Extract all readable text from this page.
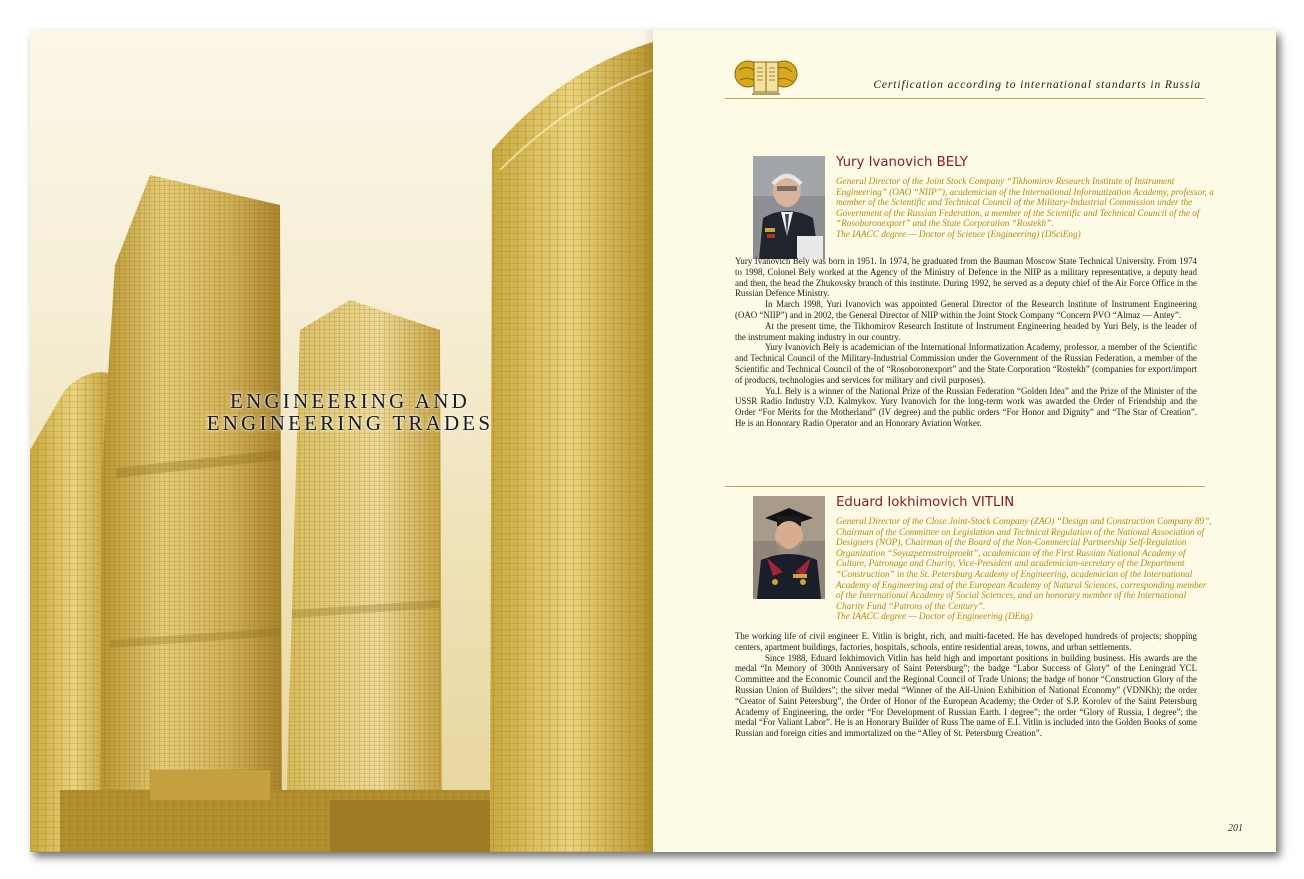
ENGINEERING AND
ENGINEERING TRADES
Certification according to international standarts in Russia
Yury Ivanovich BELY

General Director of the Joint Stock Company “Tikhomirov Research Institute of Instrument Engineering” (OAO “NIIP”), academician of the International Informatization Academy, professor, a member of the Scientific and Technical Council of the Military-Industrial Commission under the Government of the Russian Federation, a member of the Scientific and Technical Council of the of “Rosoboronexport” and the State Corporation “Rostekh”.

The IAACC degree — Doctor of Science (Engineering) (DSciEng)

Yury Ivanovich Bely was born in 1951. In 1974, he graduated from the Bauman Moscow State Technical University. From 1974 to 1998, Colonel Bely worked at the Agency of the Ministry of Defence in the NIIP as a military representative, a deputy head and then, the head the Zhukovsky branch of this institute. During 1992, he served as a deputy chief of the Air Force Office in the Russian Defence Ministry.

In March 1998, Yuri Ivanovich was appointed General Director of the Research Institute of Instrument Engineering (OAO “NIIP”) and in 2002, the General Director of NIIP within the Joint Stock Company “Concern PVO “Almaz — Antey”.

At the present time, the Tikhomirov Research Institute of Instrument Engineering headed by Yuri Bely, is the leader of the instrument making industry in our country.

Yury Ivanovich Bely is academician of the International Informatization Academy, professor, a member of the Scientific and Technical Council of the Military-Industrial Commission under the Government of the Russian Federation, a member of the Scientific and Technical Council of the of “Rosoboronexport” and the State Corporation “Rostekh” (companies for export/import of products, technologies and services for military and civil purposes).

Yu.I. Bely is a winner of the National Prize of the Russian Federation “Golden Idea” and the Prize of the Minister of the USSR Radio Industry V.D. Kalmykov. Yury Ivanovich for the long-term work was awarded the Order of Friendship and the Order “For Merits for the Motherland” (IV degree) and the public orders “For Honor and Dignity” and “The Star of Creation”. He is an Honorary Radio Operator and an Honorary Aviation Worker.

Eduard Iokhimovich VITLIN

General Director of the Close Joint-Stock Company (ZAO) “Design and Construction Company 89”, Chairman of the Committee on Legislation and Technical Regulation of the National Association of Designers (NOP), Chairman of the Board of the Non-Commercial Partnership Self-Regulation Organization “Soyuzpetrostroiproekt”, academician of the First Russian National Academy of Culture, Patronage and Charity, Vice-President and academician-secretary of the Department “Construction” in the St. Petersburg Academy of Engineering, academician of the International Academy of Engineering and of the European Academy of Natural Sciences, corresponding member of the International Academy of Social Sciences, and an honorary member of the International Charity Fund “Patrons of the Century”.

The IAACC degree — Doctor of Engineering (DEng)

The working life of civil engineer E. Vitlin is bright, rich, and multi-faceted. He has developed hundreds of projects; shopping centers, apartment buildings, factories, hospitals, schools, entire residential areas, towns, and urban settlements.

Since 1988, Eduard Iokhimovich Vitlin has held high and important positions in building business. His awards are the medal “In Memory of 300th Anniversary of Saint Petersburg”; the badge “Labor Success of Glory” of the Leningrad YCL Committee and the Economic Council and the Regional Council of Trade Unions; the badge of honor “Construction Glory of the Russian Union of Builders”; the silver medal “Winner of the All-Union Exhibition of National Economy” (VDNKh); the order “Creator of Saint Petersburg”, the Order of Honor of the European Academy; the Order of S.P. Korolev of the Saint Petersburg Academy of Engineering, the order “For Development of Russian Earth. I degree”; the order “Glory of Russia, I degree”; the medal “For Valiant Labor”. He is an Honorary Builder of Russ The name of E.I. Vitlin is included into the Golden Books of some Russian and foreign cities and immortalized on the “Alley of St. Petersburg Creation”.

201
